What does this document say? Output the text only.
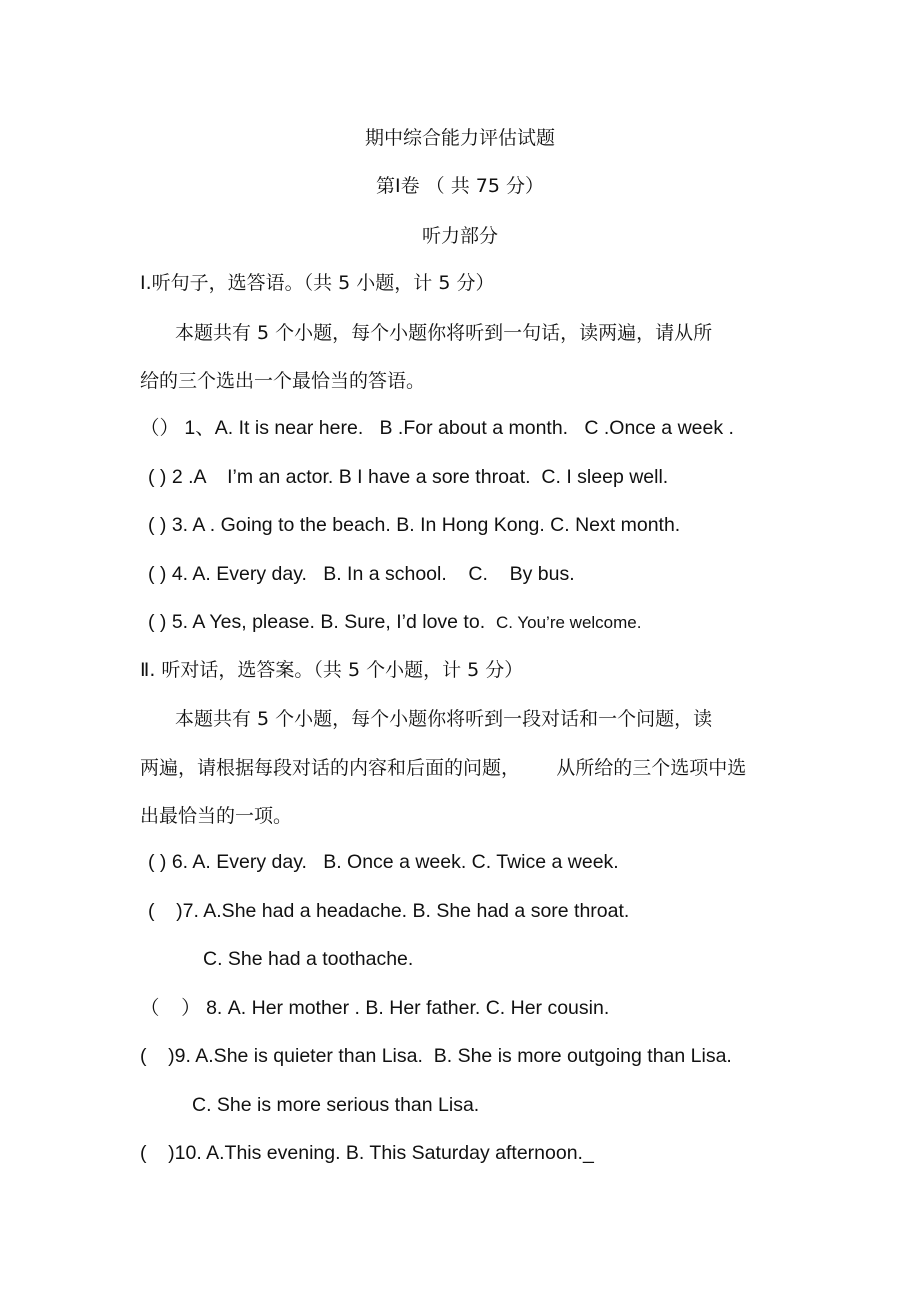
期中综合能力评估试题
第Ⅰ卷 （ 共 75 分）
听力部分
Ⅰ.听句子，选答语。（共 5 小题，计 5 分）
本题共有 5 个小题，每个小题你将听到一句话，读两遍，请从所
给的三个选出一个最恰当的答语。
（） 1、A. It is near here.   B .For about a month.   C .Once a week .
( ) 2 .A    I’m an actor. B I have a sore throat.  C. I sleep well.
( ) 3. A . Going to the beach. B. In Hong Kong. C. Next month.
( ) 4. A. Every day.   B. In a school.    C.    By bus.
( ) 5. A Yes, please. B. Sure, I’d love to.  C. You’re welcome.
Ⅱ. 听对话，选答案。（共 5 个小题，计 5 分）
本题共有 5 个小题，每个小题你将听到一段对话和一个问题，读
两遍，请根据每段对话的内容和后面的问题，      从所给的三个选项中选
出最恰当的一项。
( ) 6. A. Every day.   B. Once a week. C. Twice a week.
(    )7. A.She had a headache. B. She had a sore throat.
C. She had a toothache.
（    ） 8. A. Her mother . B. Her father. C. Her cousin.
(    )9. A.She is quieter than Lisa.  B. She is more outgoing than Lisa.
C. She is more serious than Lisa.
(    )10. A.This evening. B. This Saturday afternoon._
